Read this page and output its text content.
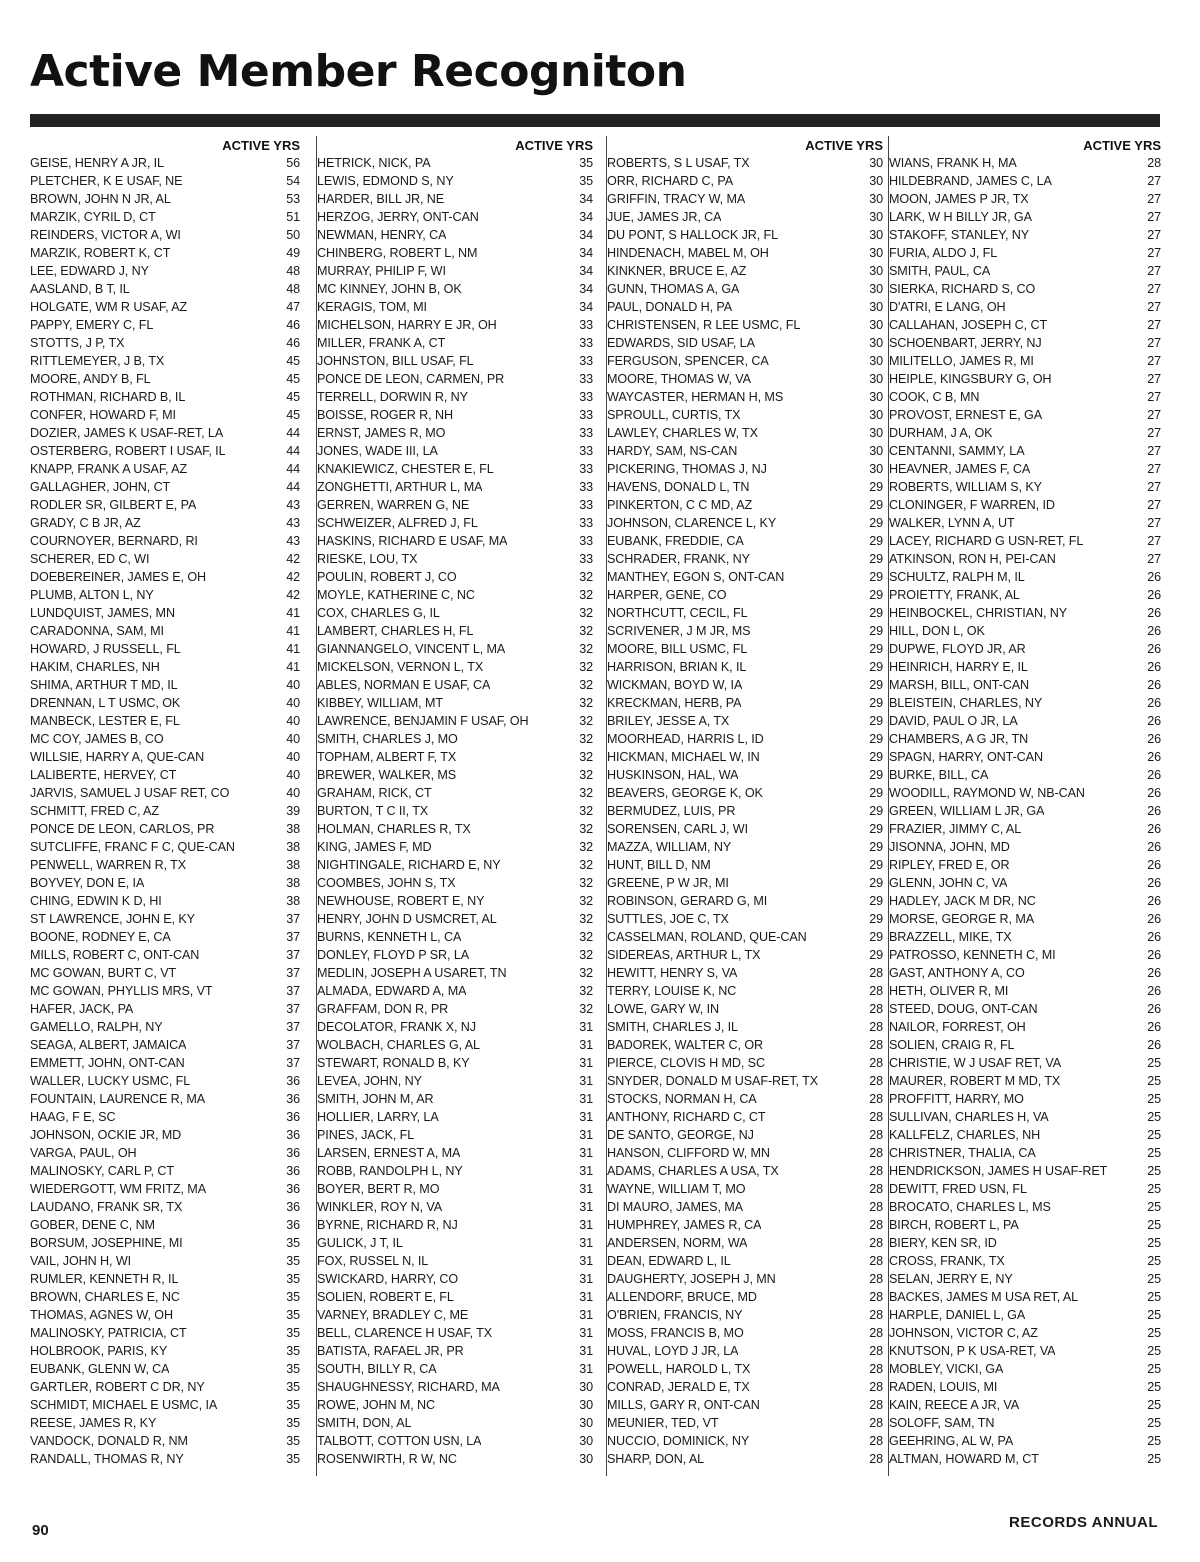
Active Member Recogniton
ACTIVE YRS
GEISE, HENRY A JR, IL	56
PLETCHER, K E USAF, NE	54
BROWN, JOHN N JR, AL	53
MARZIK, CYRIL D, CT	51
REINDERS, VICTOR A, WI	50
MARZIK, ROBERT K, CT	49
LEE, EDWARD J, NY	48
AASLAND, B T, IL	48
HOLGATE, WM R USAF, AZ	47
PAPPY, EMERY C, FL	46
STOTTS, J P, TX	46
RITTLEMEYER, J B, TX	45
MOORE, ANDY B, FL	45
ROTHMAN, RICHARD B, IL	45
CONFER, HOWARD F, MI	45
DOZIER, JAMES K USAF-RET, LA	44
OSTERBERG, ROBERT I USAF, IL	44
KNAPP, FRANK A USAF, AZ	44
GALLAGHER, JOHN, CT	44
RODLER SR, GILBERT E, PA	43
GRADY, C B JR, AZ	43
COURNOYER, BERNARD, RI	43
SCHERER, ED C, WI	42
DOEBEREINER, JAMES E, OH	42
PLUMB, ALTON L, NY	42
LUNDQUIST, JAMES, MN	41
CARADONNA, SAM, MI	41
HOWARD, J RUSSELL, FL	41
HAKIM, CHARLES, NH	41
SHIMA, ARTHUR T MD, IL	40
DRENNAN, L T USMC, OK	40
MANBECK, LESTER E, FL	40
MC COY, JAMES B, CO	40
WILLSIE, HARRY A, QUE-CAN	40
LALIBERTE, HERVEY, CT	40
JARVIS, SAMUEL J USAF RET, CO	40
SCHMITT, FRED C, AZ	39
PONCE DE LEON, CARLOS, PR	38
SUTCLIFFE, FRANC F C, QUE-CAN	38
PENWELL, WARREN R, TX	38
BOYVEY, DON E, IA	38
CHING, EDWIN K D, HI	38
ST LAWRENCE, JOHN E, KY	37
BOONE, RODNEY E, CA	37
MILLS, ROBERT C, ONT-CAN	37
MC GOWAN, BURT C, VT	37
MC GOWAN, PHYLLIS MRS, VT	37
HAFER, JACK, PA	37
GAMELLO, RALPH, NY	37
SEAGA, ALBERT, JAMAICA	37
EMMETT, JOHN, ONT-CAN	37
WALLER, LUCKY USMC, FL	36
FOUNTAIN, LAURENCE R, MA	36
HAAG, F E, SC	36
JOHNSON, OCKIE JR, MD	36
VARGA, PAUL, OH	36
MALINOSKY, CARL P, CT	36
WIEDERGOTT, WM FRITZ, MA	36
LAUDANO, FRANK SR, TX	36
GOBER, DENE C, NM	36
BORSUM, JOSEPHINE, MI	35
VAIL, JOHN H, WI	35
RUMLER, KENNETH R, IL	35
BROWN, CHARLES E, NC	35
THOMAS, AGNES W, OH	35
MALINOSKY, PATRICIA, CT	35
HOLBROOK, PARIS, KY	35
EUBANK, GLENN W, CA	35
GARTLER, ROBERT C DR, NY	35
SCHMIDT, MICHAEL E USMC, IA	35
REESE, JAMES R, KY	35
VANDOCK, DONALD R, NM	35
RANDALL, THOMAS R, NY	35
ACTIVE YRS
HETRICK, NICK, PA	35
LEWIS, EDMOND S, NY	35
HARDER, BILL JR, NE	34
HERZOG, JERRY, ONT-CAN	34
NEWMAN, HENRY, CA	34
CHINBERG, ROBERT L, NM	34
MURRAY, PHILIP F, WI	34
MC KINNEY, JOHN B, OK	34
KERAGIS, TOM, MI	34
MICHELSON, HARRY E JR, OH	33
MILLER, FRANK A, CT	33
JOHNSTON, BILL USAF, FL	33
PONCE DE LEON, CARMEN, PR	33
TERRELL, DORWIN R, NY	33
BOISSE, ROGER R, NH	33
ERNST, JAMES R, MO	33
JONES, WADE III, LA	33
KNAKIEWICZ, CHESTER E, FL	33
ZONGHETTI, ARTHUR L, MA	33
GERREN, WARREN G, NE	33
SCHWEIZER, ALFRED J, FL	33
HASKINS, RICHARD E USAF, MA	33
RIESKE, LOU, TX	33
POULIN, ROBERT J, CO	32
MOYLE, KATHERINE C, NC	32
COX, CHARLES G, IL	32
LAMBERT, CHARLES H, FL	32
GIANNANGELO, VINCENT L, MA	32
MICKELSON, VERNON L, TX	32
ABLES, NORMAN E USAF, CA	32
KIBBEY, WILLIAM, MT	32
LAWRENCE, BENJAMIN F USAF, OH	32
SMITH, CHARLES J, MO	32
TOPHAM, ALBERT F, TX	32
BREWER, WALKER, MS	32
GRAHAM, RICK, CT	32
BURTON, T C II, TX	32
HOLMAN, CHARLES R, TX	32
KING, JAMES F, MD	32
NIGHTINGALE, RICHARD E, NY	32
COOMBES, JOHN S, TX	32
NEWHOUSE, ROBERT E, NY	32
HENRY, JOHN D USMCRET, AL	32
BURNS, KENNETH L, CA	32
DONLEY, FLOYD P SR, LA	32
MEDLIN, JOSEPH A USARET, TN	32
ALMADA, EDWARD A, MA	32
GRAFFAM, DON R, PR	32
DECOLATOR, FRANK X, NJ	31
WOLBACH, CHARLES G, AL	31
STEWART, RONALD B, KY	31
LEVEA, JOHN, NY	31
SMITH, JOHN M, AR	31
HOLLIER, LARRY, LA	31
PINES, JACK, FL	31
LARSEN, ERNEST A, MA	31
ROBB, RANDOLPH L, NY	31
BOYER, BERT R, MO	31
WINKLER, ROY N, VA	31
BYRNE, RICHARD R, NJ	31
GULICK, J T, IL	31
FOX, RUSSEL N, IL	31
SWICKARD, HARRY, CO	31
SOLIEN, ROBERT E, FL	31
VARNEY, BRADLEY C, ME	31
BELL, CLARENCE H USAF, TX	31
BATISTA, RAFAEL JR, PR	31
SOUTH, BILLY R, CA	31
SHAUGHNESSY, RICHARD, MA	30
ROWE, JOHN M, NC	30
SMITH, DON, AL	30
TALBOTT, COTTON USN, LA	30
ROSENWIRTH, R W, NC	30
ACTIVE YRS
ROBERTS, S L USAF, TX	30
ORR, RICHARD C, PA	30
GRIFFIN, TRACY W, MA	30
JUE, JAMES JR, CA	30
DU PONT, S HALLOCK JR, FL	30
HINDENACH, MABEL M, OH	30
KINKNER, BRUCE E, AZ	30
GUNN, THOMAS A, GA	30
PAUL, DONALD H, PA	30
CHRISTENSEN, R LEE USMC, FL	30
EDWARDS, SID USAF, LA	30
FERGUSON, SPENCER, CA	30
MOORE, THOMAS W, VA	30
WAYCASTER, HERMAN H, MS	30
SPROULL, CURTIS, TX	30
LAWLEY, CHARLES W, TX	30
HARDY, SAM, NS-CAN	30
PICKERING, THOMAS J, NJ	30
HAVENS, DONALD L, TN	29
PINKERTON, C C MD, AZ	29
JOHNSON, CLARENCE L, KY	29
EUBANK, FREDDIE, CA	29
SCHRADER, FRANK, NY	29
MANTHEY, EGON S, ONT-CAN	29
HARPER, GENE, CO	29
NORTHCUTT, CECIL, FL	29
SCRIVENER, J M JR, MS	29
MOORE, BILL USMC, FL	29
HARRISON, BRIAN K, IL	29
WICKMAN, BOYD W, IA	29
KRECKMAN, HERB, PA	29
BRILEY, JESSE A, TX	29
MOORHEAD, HARRIS L, ID	29
HICKMAN, MICHAEL W, IN	29
HUSKINSON, HAL, WA	29
BEAVERS, GEORGE K, OK	29
BERMUDEZ, LUIS, PR	29
SORENSEN, CARL J, WI	29
MAZZA, WILLIAM, NY	29
HUNT, BILL D, NM	29
GREENE, P W JR, MI	29
ROBINSON, GERARD G, MI	29
SUTTLES, JOE C, TX	29
CASSELMAN, ROLAND, QUE-CAN	29
SIDEREAS, ARTHUR L, TX	29
HEWITT, HENRY S, VA	28
TERRY, LOUISE K, NC	28
LOWE, GARY W, IN	28
SMITH, CHARLES J, IL	28
BADOREK, WALTER C, OR	28
PIERCE, CLOVIS H MD, SC	28
SNYDER, DONALD M USAF-RET, TX	28
STOCKS, NORMAN H, CA	28
ANTHONY, RICHARD C, CT	28
DE SANTO, GEORGE, NJ	28
HANSON, CLIFFORD W, MN	28
ADAMS, CHARLES A USA, TX	28
WAYNE, WILLIAM T, MO	28
DI MAURO, JAMES, MA	28
HUMPHREY, JAMES R, CA	28
ANDERSEN, NORM, WA	28
DEAN, EDWARD L, IL	28
DAUGHERTY, JOSEPH J, MN	28
ALLENDORF, BRUCE, MD	28
O'BRIEN, FRANCIS, NY	28
MOSS, FRANCIS B, MO	28
HUVAL, LOYD J JR, LA	28
POWELL, HAROLD L, TX	28
CONRAD, JERALD E, TX	28
MILLS, GARY R, ONT-CAN	28
MEUNIER, TED, VT	28
NUCCIO, DOMINICK, NY	28
SHARP, DON, AL	28
ACTIVE YRS
WIANS, FRANK H, MA	28
HILDEBRAND, JAMES C, LA	27
MOON, JAMES P JR, TX	27
LARK, W H BILLY JR, GA	27
STAKOFF, STANLEY, NY	27
FURIA, ALDO J, FL	27
SMITH, PAUL, CA	27
SIERKA, RICHARD S, CO	27
D'ATRI, E LANG, OH	27
CALLAHAN, JOSEPH C, CT	27
SCHOENBART, JERRY, NJ	27
MILITELLO, JAMES R, MI	27
HEIPLE, KINGSBURY G, OH	27
COOK, C B, MN	27
PROVOST, ERNEST E, GA	27
DURHAM, J A, OK	27
CENTANNI, SAMMY, LA	27
HEAVNER, JAMES F, CA	27
ROBERTS, WILLIAM S, KY	27
CLONINGER, F WARREN, ID	27
WALKER, LYNN A, UT	27
LACEY, RICHARD G USN-RET, FL	27
ATKINSON, RON H, PEI-CAN	27
SCHULTZ, RALPH M, IL	26
PROIETTY, FRANK, AL	26
HEINBOCKEL, CHRISTIAN, NY	26
HILL, DON L, OK	26
DUPWE, FLOYD JR, AR	26
HEINRICH, HARRY E, IL	26
MARSH, BILL, ONT-CAN	26
BLEISTEIN, CHARLES, NY	26
DAVID, PAUL O JR, LA	26
CHAMBERS, A G JR, TN	26
SPAGN, HARRY, ONT-CAN	26
BURKE, BILL, CA	26
WOODILL, RAYMOND W, NB-CAN	26
GREEN, WILLIAM L JR, GA	26
FRAZIER, JIMMY C, AL	26
JISONNA, JOHN, MD	26
RIPLEY, FRED E, OR	26
GLENN, JOHN C, VA	26
HADLEY, JACK M DR, NC	26
MORSE, GEORGE R, MA	26
BRAZZELL, MIKE, TX	26
PATROSSO, KENNETH C, MI	26
GAST, ANTHONY A, CO	26
HETH, OLIVER R, MI	26
STEED, DOUG, ONT-CAN	26
NAILOR, FORREST, OH	26
SOLIEN, CRAIG R, FL	26
CHRISTIE, W J USAF RET, VA	25
MAURER, ROBERT M MD, TX	25
PROFFITT, HARRY, MO	25
SULLIVAN, CHARLES H, VA	25
KALLFELZ, CHARLES, NH	25
CHRISTNER, THALIA, CA	25
HENDRICKSON, JAMES H USAF-RET	25
DEWITT, FRED USN, FL	25
BROCATO, CHARLES L, MS	25
BIRCH, ROBERT L, PA	25
BIERY, KEN SR, ID	25
CROSS, FRANK, TX	25
SELAN, JERRY E, NY	25
BACKES, JAMES M USA RET, AL	25
HARPLE, DANIEL L, GA	25
JOHNSON, VICTOR C, AZ	25
KNUTSON, P K USA-RET, VA	25
MOBLEY, VICKI, GA	25
RADEN, LOUIS, MI	25
KAIN, REECE A JR, VA	25
SOLOFF, SAM, TN	25
GEEHRING, AL W, PA	25
ALTMAN, HOWARD M, CT	25
90	RECORDS ANNUAL
